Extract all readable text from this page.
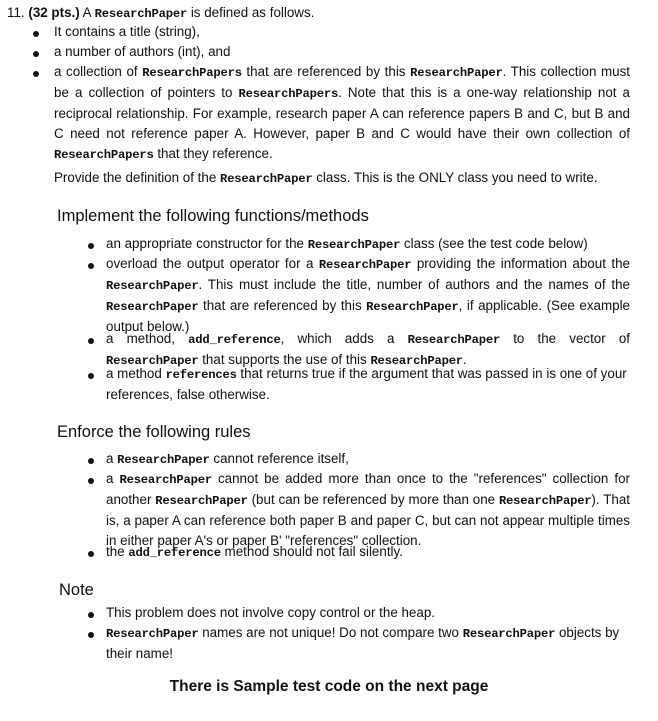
11. (32 pts.) A ResearchPaper is defined as follows.
It contains a title (string),
a number of authors (int), and
a collection of ResearchPapers that are referenced by this ResearchPaper. This collection must be a collection of pointers to ResearchPapers. Note that this is a one-way relationship not a reciprocal relationship. For example, research paper A can reference papers B and C, but B and C need not reference paper A. However, paper B and C would have their own collection of ResearchPapers that they reference.
Provide the definition of the ResearchPaper class. This is the ONLY class you need to write.
Implement the following functions/methods
an appropriate constructor for the ResearchPaper class (see the test code below)
overload the output operator for a ResearchPaper providing the information about the ResearchPaper. This must include the title, number of authors and the names of the ResearchPaper that are referenced by this ResearchPaper, if applicable. (See example output below.)
a method, add_reference, which adds a ResearchPaper to the vector of ResearchPaper that supports the use of this ResearchPaper.
a method references that returns true if the argument that was passed in is one of your references, false otherwise.
Enforce the following rules
a ResearchPaper cannot reference itself,
a ResearchPaper cannot be added more than once to the "references" collection for another ResearchPaper (but can be referenced by more than one ResearchPaper). That is, a paper A can reference both paper B and paper C, but can not appear multiple times in either paper A's or paper B' "references" collection.
the add_reference method should not fail silently.
Note
This problem does not involve copy control or the heap.
ResearchPaper names are not unique! Do not compare two ResearchPaper objects by their name!
There is Sample test code on the next page
